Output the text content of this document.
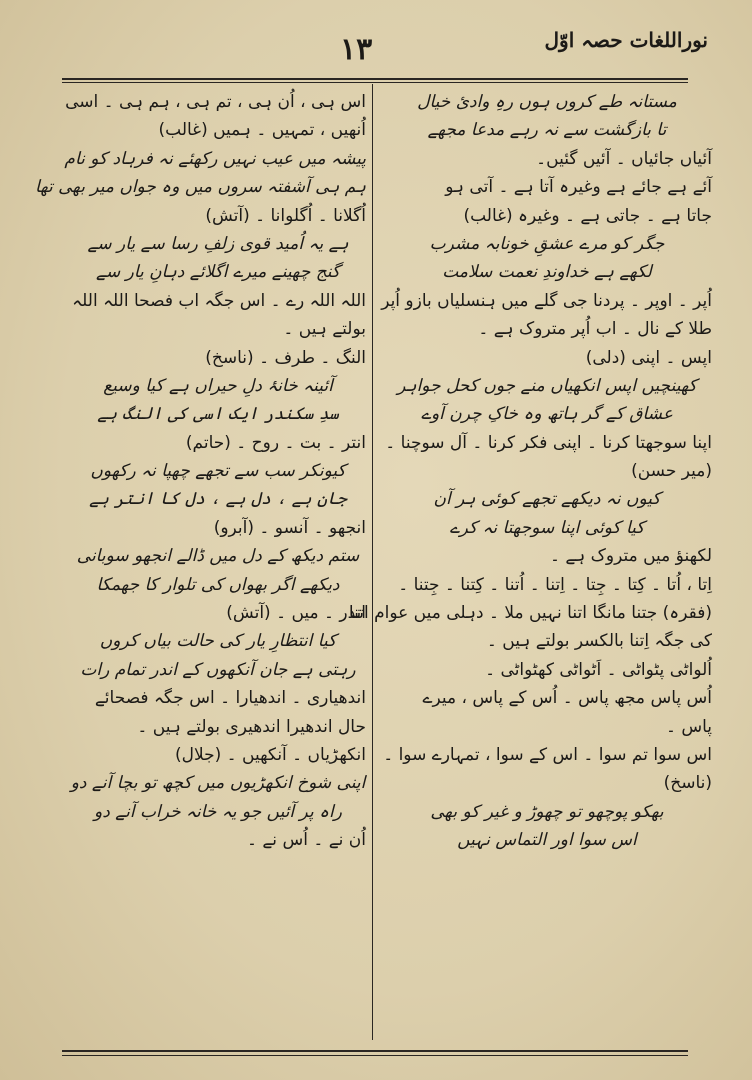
نوراللغات حصہ اوّل
۱۳
مستانہ طے کروں ہوں رہِ وادیٔ خیال
تا بازگشت سے نہ رہے مدعا مجھے
آئیاں جائیاں ۔ آئیں گئیں۔
آئے ہے جائے ہے وغیرہ آتا ہے ۔ آتی ہو
جاتا ہے ۔ جاتی ہے ۔ وغیرہ (غالب)
جگر کو مرے عشقِ خونابہ مشرب
لکھے ہے خداوندِ نعمت سلامت
اُپر ۔ اوپر ۔ پردنا جی گلے میں ہنسلیاں بازو اُپر
طلا کے نال ۔ اب اُپر متروک ہے ۔
اپس ۔ اپنی (دلی)
کھینچیں اپس انکھیاں منے جوں کحل جواہر
عشاق کے گر ہاتھ وہ خاکِ چرن آوے
اپنا سوجھتا کرنا ۔ اپنی فکر کرنا ۔ آل سوچنا ۔
(میر حسن)
کیوں نہ دیکھے تجھے کوئی ہر آن
کیا کوئی اپنا سوجھتا نہ کرے
لکھنؤ میں متروک ہے ۔
اِتا ، اُتا ۔ کِتا ۔ جِتا ۔ اِتنا ۔ اُتنا ۔ کِتنا ۔ جِتنا ۔
(فقرہ) جتنا مانگا اتنا نہیں ملا ۔ دہلی میں عوام اتنا
کی جگہ اِتنا بالکسر بولتے ہیں ۔
اُلواٹی پٹواٹی ۔ اَٹواٹی کھٹواٹی ۔
اُس پاس مجھ پاس ۔ اُس کے پاس ، میرے
پاس ۔
اس سوا تم سوا ۔ اس کے سوا ، تمہارے سوا ۔
(ناسخ)
بھکو پوچھو تو چھوڑ و غیر کو بھی
اس سوا اور التماس نہیں
اس ہی ، اُن ہی ، تم ہی ، ہم ہی ۔ اسی
اُنھیں ، تمہیں ۔ ہمیں (غالب)
پیشہ میں عیب نہیں رکھئے نہ فرہاد کو نام
ہم ہی آشفتہ سروں میں وہ جواں میر بھی تھا
اُگلانا ۔ اُگلوانا ۔ (آتش)
ہے یہ اُمید قوی زلفِ رسا سے یار سے
گنج چھینے میرے اگلائے دہانِ یار سے
اللہ اللہ رے ۔ اس جگہ اب فصحا اللہ اللہ
بولتے ہیں ۔
النگ ۔ طرف ۔ (ناسخ)
آئینہ خانۂ دلِ حیراں ہے کیا وسیع
سدِ سکندر ایک اسی کی النگ ہے
انتر ۔ بت ۔ روح ۔ (حاتم)
کیونکر سب سے تجھے چھپا نہ رکھوں
جان ہے ، دل ہے ، دل کا انتر ہے
انجھو ۔ آنسو ۔ (آبرو)
ستم دیکھ کے دل میں ڈالے انجھو سوبانی
دیکھے اگر بھواں کی تلوار کا جھمکا
اندر ۔ میں ۔ (آتش)
کیا انتظارِ یار کی حالت بیاں کروں
رہتی ہے جان آنکھوں کے اندر تمام رات
اندھیاری ۔ اندھیارا ۔ اس جگہ فصحائے
حال اندھیرا اندھیری بولتے ہیں ۔
انکھڑیاں ۔ آنکھیں ۔ (جلال)
اپنی شوخ انکھڑیوں میں کچھ تو بچا آنے دو
راہ پر آئیں جو یہ خانہ خراب آنے دو
اُن نے ۔ اُس نے ۔
